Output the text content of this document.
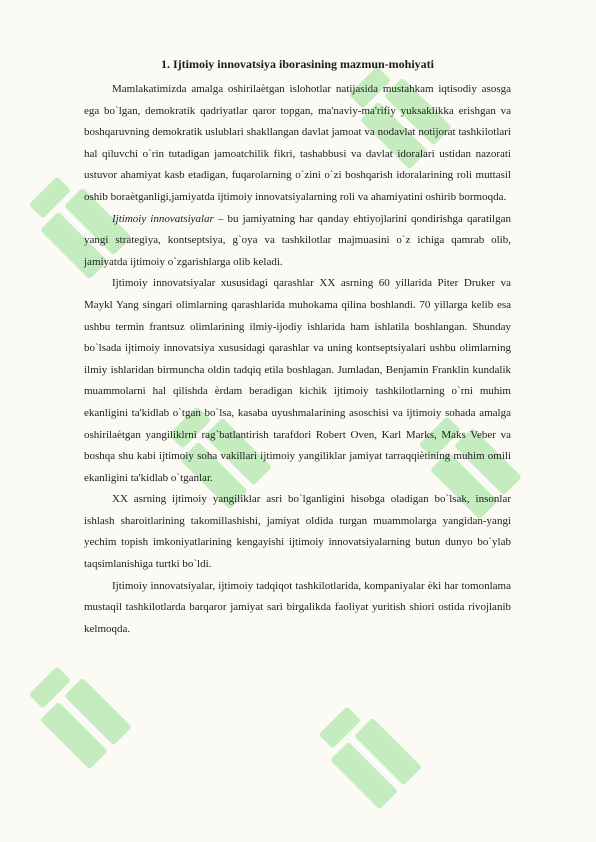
1. Ijtimoiy innovatsiya iborasining mazmun-mohiyati

Mamlakatimizda amalga oshirilaѐtgan islohotlar natijasida mustahkam iqtisodiy asosga ega bo`lgan, demokratik qadriyatlar qaror topgan, ma'naviy-ma'rifiy yuksaklikka erishgan va boshqaruvning demokratik uslublari shakllangan davlat jamoat va nodavlat notijorat tashkilotlari hal qiluvchi o`rin tutadigan jamoatchilik fikri, tashabbusi va davlat idoralari ustidan nazorati ustuvor ahamiyat kasb etadigan, fuqarolarning o`zini o`zi boshqarish idoralarining roli muttasil oshib boraѐtganligi,jamiyatda ijtimoiy innovatsiyalarning roli va ahamiyatini oshirib bormoqda.

Ijtimoiy innovatsiyalar – bu jamiyatning har qanday ehtiyojlarini qondirishga qaratilgan yangi strategiya, kontseptsiya, g`oya va tashkilotlar majmuasini o`z ichiga qamrab olib, jamiyatda ijtimoiy o`zgarishlarga olib keladi.

Ijtimoiy innovatsiyalar xususidagi qarashlar XX asrning 60 yillarida Piter Druker va Maykl Yang singari olimlarning qarashlarida muhokama qilina boshlandi. 70 yillarga kelib esa ushbu termin frantsuz olimlarining ilmiy-ijodiy ishlarida ham ishlatila boshlangan. Shunday bo`lsada ijtimoiy innovatsiya xususidagi qarashlar va uning kontseptsiyalari ushbu olimlarning ilmiy ishlaridan birmuncha oldin tadqiq etila boshlagan. Jumladan, Benjamin Franklin kundalik muammolarni hal qilishda ѐrdam beradigan kichik ijtimoiy tashkilotlarning o`rni muhim ekanligini ta'kidlab o`tgan bo`lsa, kasaba uyushmalarining asoschisi va ijtimoiy sohada amalga oshirilaѐtgan yangiliklrni rag`batlantirish tarafdori Robert Oven, Karl Marks, Maks Veber va boshqa shu kabi ijtimoiy soha vakillari ijtimoiy yangiliklar jamiyat tarraqqiѐtining muhim omili ekanligini ta'kidlab o`tganlar.

XX asrning ijtimoiy yangiliklar asri bo`lganligini hisobga oladigan bo`lsak, insonlar ishlash sharoitlarining takomillashishi, jamiyat oldida turgan muammolarga yangidan-yangi yechim topish imkoniyatlarining kengayishi ijtimoiy innovatsiyalarning butun dunyo bo`ylab taqsimlanishiga turtki bo`ldi.

Ijtimoiy innovatsiyalar, ijtimoiy tadqiqot tashkilotlarida, kompaniyalar ѐki har tomonlama mustaqil tashkilotlarda barqaror jamiyat sari birgalikda faoliyat yuritish shiori ostida rivojlanib kelmoqda.
